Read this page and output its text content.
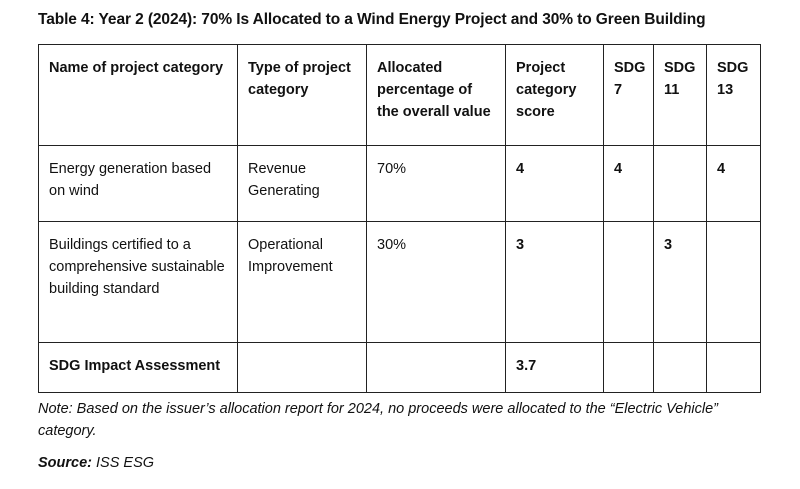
Table 4: Year 2 (2024): 70% Is Allocated to a Wind Energy Project and 30% to Green Building
Name of project category	Type of project category	Allocated percentage of the overall value	Project category score	SDG 7	SDG 11	SDG 13
Energy generation based on wind	Revenue Generating	70%	4	4		4
Buildings certified to a comprehensive sustainable building standard	Operational Improvement	30%	3		3	
SDG Impact Assessment			3.7			
Note: Based on the issuer’s allocation report for 2024, no proceeds were allocated to the “Electric Vehicle” category.
Source: ISS ESG
